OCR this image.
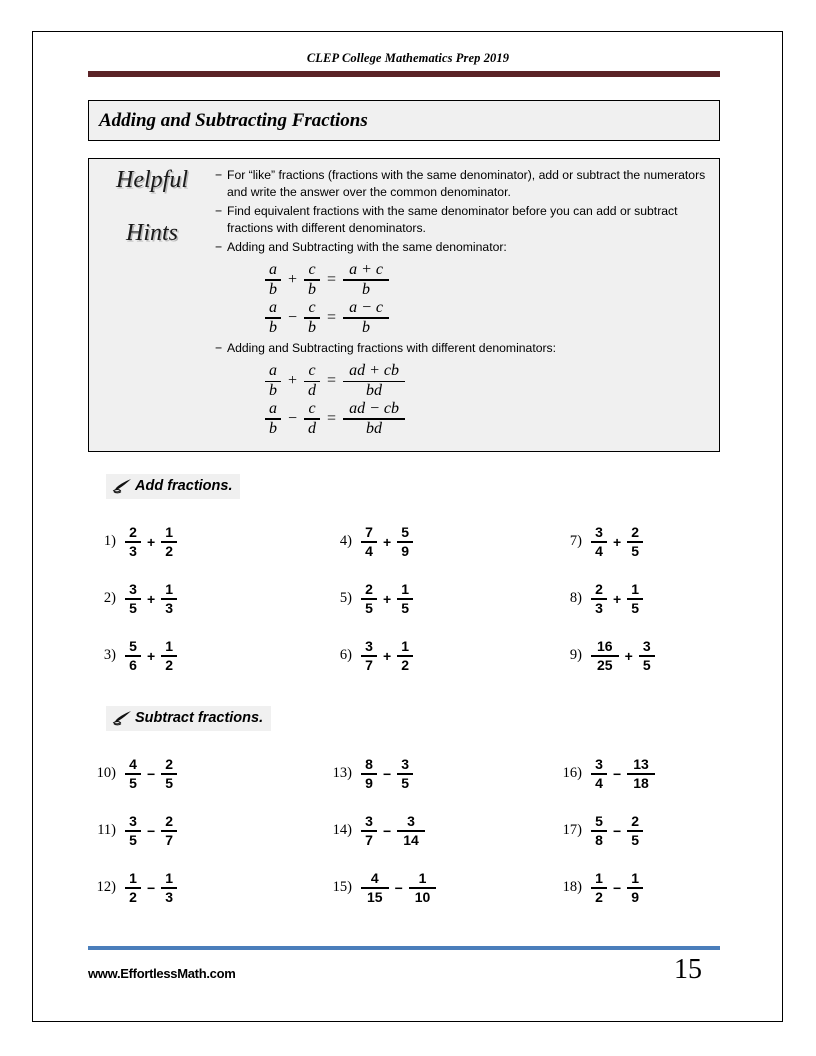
CLEP College Mathematics Prep 2019
Adding and Subtracting Fractions
Helpful
Hints
− For “like” fractions (fractions with the same denominator), add or subtract the numerators and write the answer over the common denominator.
− Find equivalent fractions with the same denominator before you can add or subtract fractions with different denominators.
− Adding and Subtracting with the same denominator:
$\frac{a}{b} + \frac{c}{b} = \frac{a + c}{b}$
$\frac{a}{b} - \frac{c}{b} = \frac{a - c}{b}$
− Adding and Subtracting fractions with different denominators:
$\frac{a}{b} + \frac{c}{d} = \frac{ad + cb}{bd}$
$\frac{a}{b} - \frac{c}{d} = \frac{ad - cb}{bd}$
Add fractions.
$1) \frac{2}{3} + \frac{1}{2}$	$4) \frac{7}{4} + \frac{5}{9}$	$7) \frac{3}{4} + \frac{2}{5}$
$2) \frac{3}{5} + \frac{1}{3}$	$5) \frac{2}{5} + \frac{1}{5}$	$8) \frac{2}{3} + \frac{1}{5}$
$3) \frac{5}{6} + \frac{1}{2}$	$6) \frac{3}{7} + \frac{1}{2}$	$9) \frac{16}{25} + \frac{3}{5}$
Subtract fractions.
$10) \frac{4}{5} - \frac{2}{5}$	$13) \frac{8}{9} - \frac{3}{5}$	$16) \frac{3}{4} - \frac{13}{18}$
$11) \frac{3}{5} - \frac{2}{7}$	$14) \frac{3}{7} - \frac{3}{14}$	$17) \frac{5}{8} - \frac{2}{5}$
$12) \frac{1}{2} - \frac{1}{3}$	$15) \frac{4}{15} - \frac{1}{10}$	$18) \frac{1}{2} - \frac{1}{9}$
www.EffortlessMath.com	15
